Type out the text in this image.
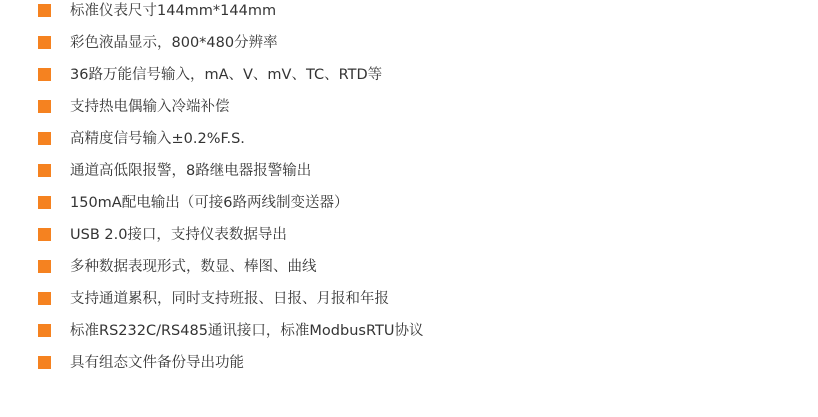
标准仪表尺寸144mm*144mm
彩色液晶显示，800*480分辨率
36路万能信号输入，mA、V、mV、TC、RTD等
支持热电偶输入冷端补偿
高精度信号输入±0.2%F.S.
通道高低限报警，8路继电器报警输出
150mA配电输出（可接6路两线制变送器）
USB 2.0接口，支持仪表数据导出
多种数据表现形式，数显、棒图、曲线
支持通道累积，同时支持班报、日报、月报和年报
标准RS232C/RS485通讯接口，标准ModbusRTU协议
具有组态文件备份导出功能
